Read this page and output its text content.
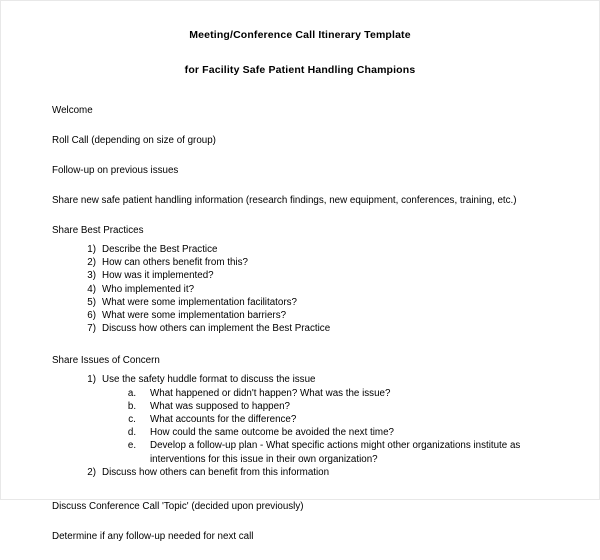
Meeting/Conference Call Itinerary Template

for Facility Safe Patient Handling Champions

Welcome

Roll Call (depending on size of group)

Follow-up on previous issues

Share new safe patient handling information (research findings, new equipment, conferences, training, etc.)

Share Best Practices

1) Describe the Best Practice
2) How can others benefit from this?
3) How was it implemented?
4) Who implemented it?
5) What were some implementation facilitators?
6) What were some implementation barriers?
7) Discuss how others can implement the Best Practice

Share Issues of Concern

1) Use the safety huddle format to discuss the issue
a.	What happened or didn't happen? What was the issue?
b.	What was supposed to happen?
c.	What accounts for the difference?
d.	How could the same outcome be avoided the next time?
e.	Develop a follow-up plan - What specific actions might other organizations institute as
interventions for this issue in their own organization?
2) Discuss how others can benefit from this information

Discuss Conference Call 'Topic' (decided upon previously)

Determine if any follow-up needed for next call
